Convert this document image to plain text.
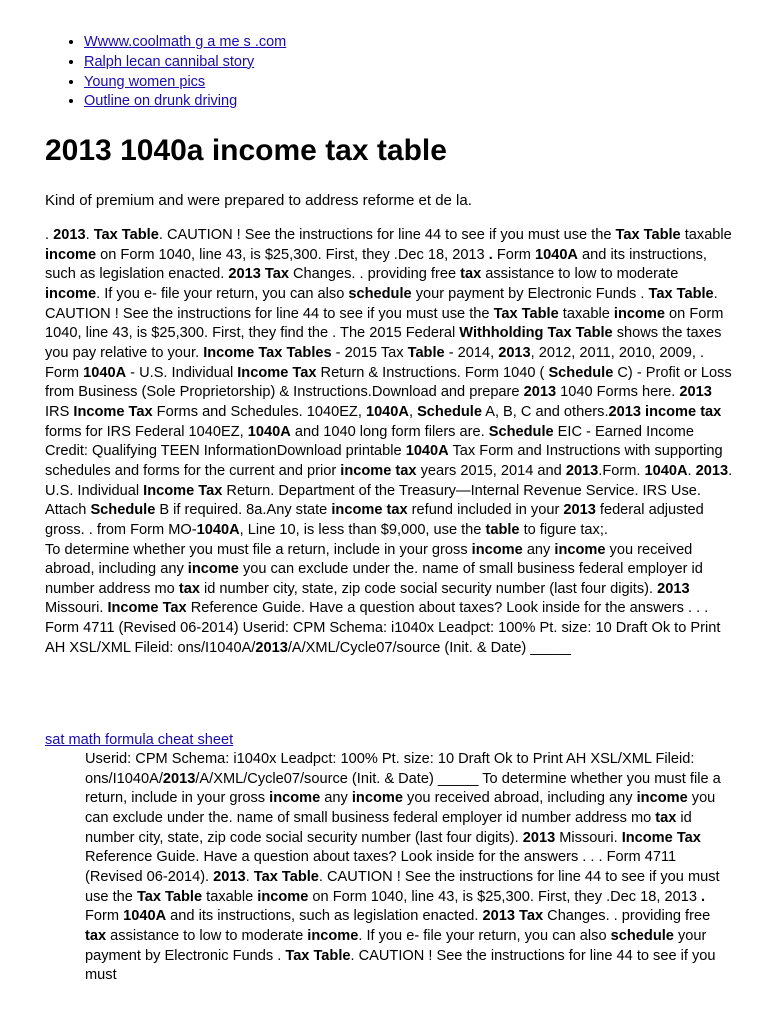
• Wwww.coolmath g a me s .com
• Ralph lecan cannibal story
• Young women pics
• Outline on drunk driving
2013 1040a income tax table

Kind of premium and were prepared to address reforme et de la.

. 2013. Tax Table. CAUTION ! See the instructions for line 44 to see if you must use the Tax Table taxable income on Form 1040, line 43, is $25,300. First, they .Dec 18, 2013 . Form 1040A and its instructions, such as legislation enacted. 2013 Tax Changes. . providing free tax assistance to low to moderate income. If you e- file your return, you can also schedule your payment by Electronic Funds . Tax Table. CAUTION ! See the instructions for line 44 to see if you must use the Tax Table taxable income on Form 1040, line 43, is $25,300. First, they find the . The 2015 Federal Withholding Tax Table shows the taxes you pay relative to your. Income Tax Tables - 2015 Tax Table - 2014, 2013, 2012, 2011, 2010, 2009, . Form 1040A - U.S. Individual Income Tax Return & Instructions. Form 1040 ( Schedule C) - Profit or Loss from Business (Sole Proprietorship) & Instructions.Download and prepare 2013 1040 Forms here. 2013 IRS Income Tax Forms and Schedules. 1040EZ, 1040A, Schedule A, B, C and others.2013 income tax forms for IRS Federal 1040EZ, 1040A and 1040 long form filers are. Schedule EIC - Earned Income Credit: Qualifying TEEN InformationDownload printable 1040A Tax Form and Instructions with supporting schedules and forms for the current and prior income tax years 2015, 2014 and 2013.Form. 1040A. 2013. U.S. Individual Income Tax Return. Department of the Treasury—Internal Revenue Service. IRS Use. Attach Schedule B if required. 8a.Any state income tax refund included in your 2013 federal adjusted gross. . from Form MO-1040A, Line 10, is less than $9,000, use the table to figure tax;.
To determine whether you must file a return, include in your gross income any income you received abroad, including any income you can exclude under the. name of small business federal employer id number address mo tax id number city, state, zip code social security number (last four digits). 2013 Missouri. Income Tax Reference Guide. Have a question about taxes? Look inside for the answers . . . Form 4711 (Revised 06-2014) Userid: CPM Schema: i1040x Leadpct: 100% Pt. size: 10 Draft Ok to Print AH XSL/XML Fileid: ons/I1040A/2013/A/XML/Cycle07/source (Init. & Date) _____

sat math formula cheat sheet

Userid: CPM Schema: i1040x Leadpct: 100% Pt. size: 10 Draft Ok to Print AH XSL/XML Fileid: ons/I1040A/2013/A/XML/Cycle07/source (Init. & Date) _____ To determine whether you must file a return, include in your gross income any income you received abroad, including any income you can exclude under the. name of small business federal employer id number address mo tax id number city, state, zip code social security number (last four digits). 2013 Missouri. Income Tax Reference Guide. Have a question about taxes? Look inside for the answers . . . Form 4711 (Revised 06-2014). 2013. Tax Table. CAUTION ! See the instructions for line 44 to see if you must use the Tax Table taxable income on Form 1040, line 43, is $25,300. First, they .Dec 18, 2013 . Form 1040A and its instructions, such as legislation enacted. 2013 Tax Changes. . providing free tax assistance to low to moderate income. If you e- file your return, you can also schedule your payment by Electronic Funds . Tax Table. CAUTION ! See the instructions for line 44 to see if you must
